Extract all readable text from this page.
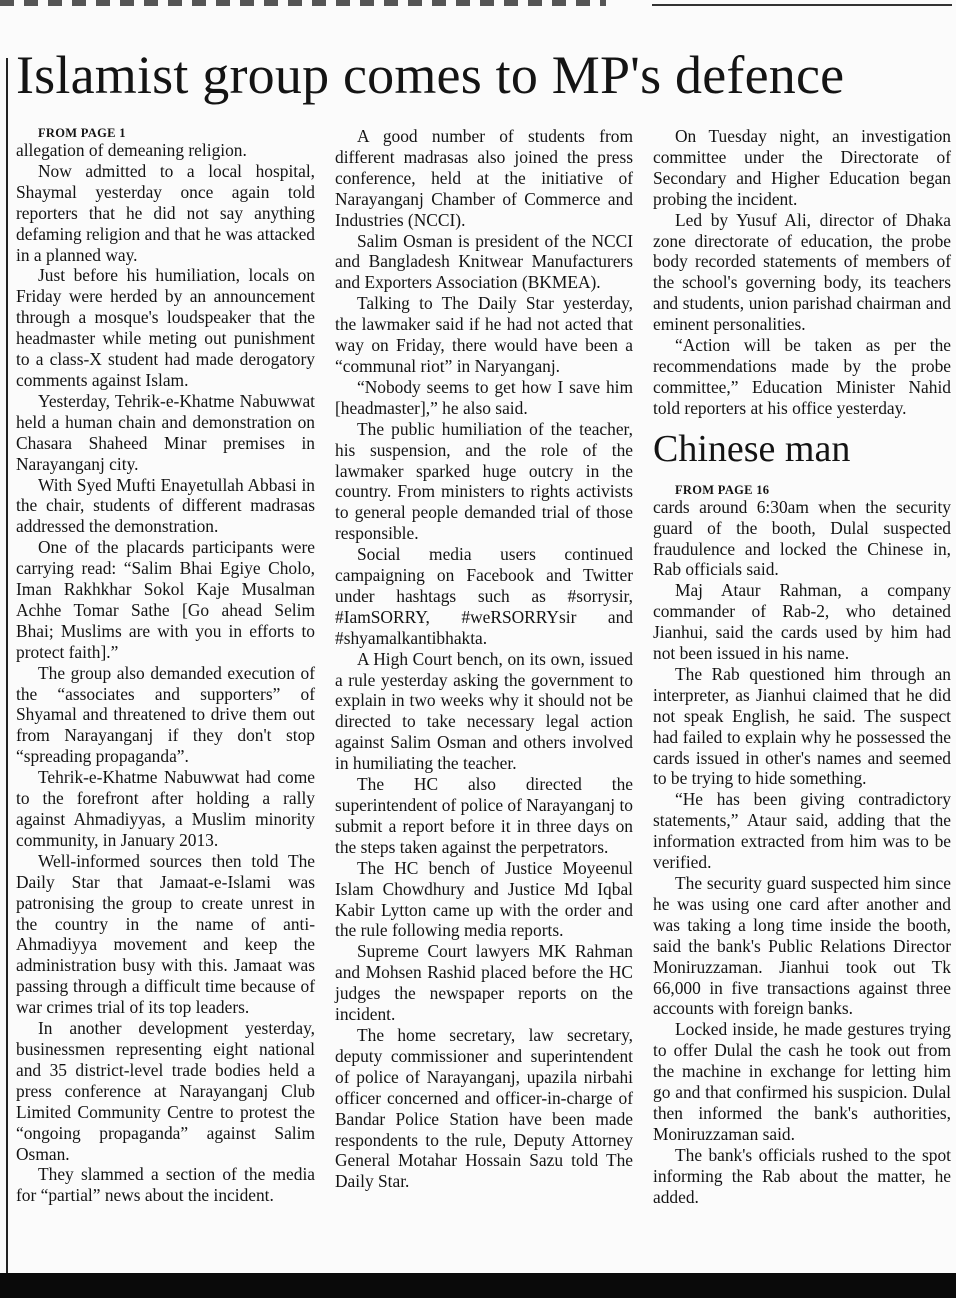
Islamist group comes to MP's defence

FROM PAGE 1

allegation of demeaning religion.

Now admitted to a local hospital, Shaymal yesterday once again told reporters that he did not say anything defaming religion and that he was attacked in a planned way.

Just before his humiliation, locals on Friday were herded by an announcement through a mosque's loudspeaker that the headmaster while meting out punishment to a class-X student had made derogatory comments against Islam.

Yesterday, Tehrik-e-Khatme Nabuwwat held a human chain and demonstration on Chasara Shaheed Minar premises in Narayanganj city.

With Syed Mufti Enayetullah Abbasi in the chair, students of different madrasas addressed the demonstration.

One of the placards participants were carrying read: “Salim Bhai Egiye Cholo, Iman Rakhkhar Sokol Kaje Musalman Achhe Tomar Sathe [Go ahead Selim Bhai; Muslims are with you in efforts to protect faith].”

The group also demanded execution of the “associates and supporters” of Shyamal and threatened to drive them out from Narayanganj if they don't stop “spreading propaganda”.

Tehrik-e-Khatme Nabuwwat had come to the forefront after holding a rally against Ahmadiyyas, a Muslim minority community, in January 2013.

Well-informed sources then told The Daily Star that Jamaat-e-Islami was patronising the group to create unrest in the country in the name of anti-Ahmadiyya movement and keep the administration busy with this. Jamaat was passing through a difficult time because of war crimes trial of its top leaders.

In another development yesterday, businessmen representing eight national and 35 district-level trade bodies held a press conference at Narayanganj Club Limited Community Centre to protest the “ongoing propaganda” against Salim Osman.

They slammed a section of the media for “partial” news about the incident.

A good number of students from different madrasas also joined the press conference, held at the initiative of Narayanganj Chamber of Commerce and Industries (NCCI).

Salim Osman is president of the NCCI and Bangladesh Knitwear Manufacturers and Exporters Association (BKMEA).

Talking to The Daily Star yesterday, the lawmaker said if he had not acted that way on Friday, there would have been a “communal riot” in Naryanganj.

“Nobody seems to get how I save him [headmaster],” he also said.

The public humiliation of the teacher, his suspension, and the role of the lawmaker sparked huge outcry in the country. From ministers to rights activists to general people demanded trial of those responsible.

Social media users continued campaigning on Facebook and Twitter under hashtags such as #sorrysir, #IamSORRY, #weRSORRYsir and #shyamalkantibhakta.

A High Court bench, on its own, issued a rule yesterday asking the government to explain in two weeks why it should not be directed to take necessary legal action against Salim Osman and others involved in humiliating the teacher.

The HC also directed the superintendent of police of Narayanganj to submit a report before it in three days on the steps taken against the perpetrators.

The HC bench of Justice Moyeenul Islam Chowdhury and Justice Md Iqbal Kabir Lytton came up with the order and the rule following media reports.

Supreme Court lawyers MK Rahman and Mohsen Rashid placed before the HC judges the newspaper reports on the incident.

The home secretary, law secretary, deputy commissioner and superintendent of police of Narayanganj, upazila nirbahi officer concerned and officer-in-charge of Bandar Police Station have been made respondents to the rule, Deputy Attorney General Motahar Hossain Sazu told The Daily Star.

On Tuesday night, an investigation committee under the Directorate of Secondary and Higher Education began probing the incident.

Led by Yusuf Ali, director of Dhaka zone directorate of education, the probe body recorded statements of members of the school's governing body, its teachers and students, union parishad chairman and eminent personalities.

“Action will be taken as per the recommendations made by the probe committee,” Education Minister Nahid told reporters at his office yesterday.

Chinese man

FROM PAGE 16

cards around 6:30am when the security guard of the booth, Dulal suspected fraudulence and locked the Chinese in, Rab officials said.

Maj Ataur Rahman, a company commander of Rab-2, who detained Jianhui, said the cards used by him had not been issued in his name.

The Rab questioned him through an interpreter, as Jianhui claimed that he did not speak English, he said. The suspect had failed to explain why he possessed the cards issued in other's names and seemed to be trying to hide something.

“He has been giving contradictory statements,” Ataur said, adding that the information extracted from him was to be verified.

The security guard suspected him since he was using one card after another and was taking a long time inside the booth, said the bank's Public Relations Director Moniruzzaman. Jianhui took out Tk 66,000 in five transactions against three accounts with foreign banks.

Locked inside, he made gestures trying to offer Dulal the cash he took out from the machine in exchange for letting him go and that confirmed his suspicion. Dulal then informed the bank's authorities, Moniruzzaman said.

The bank's officials rushed to the spot informing the Rab about the matter, he added.
